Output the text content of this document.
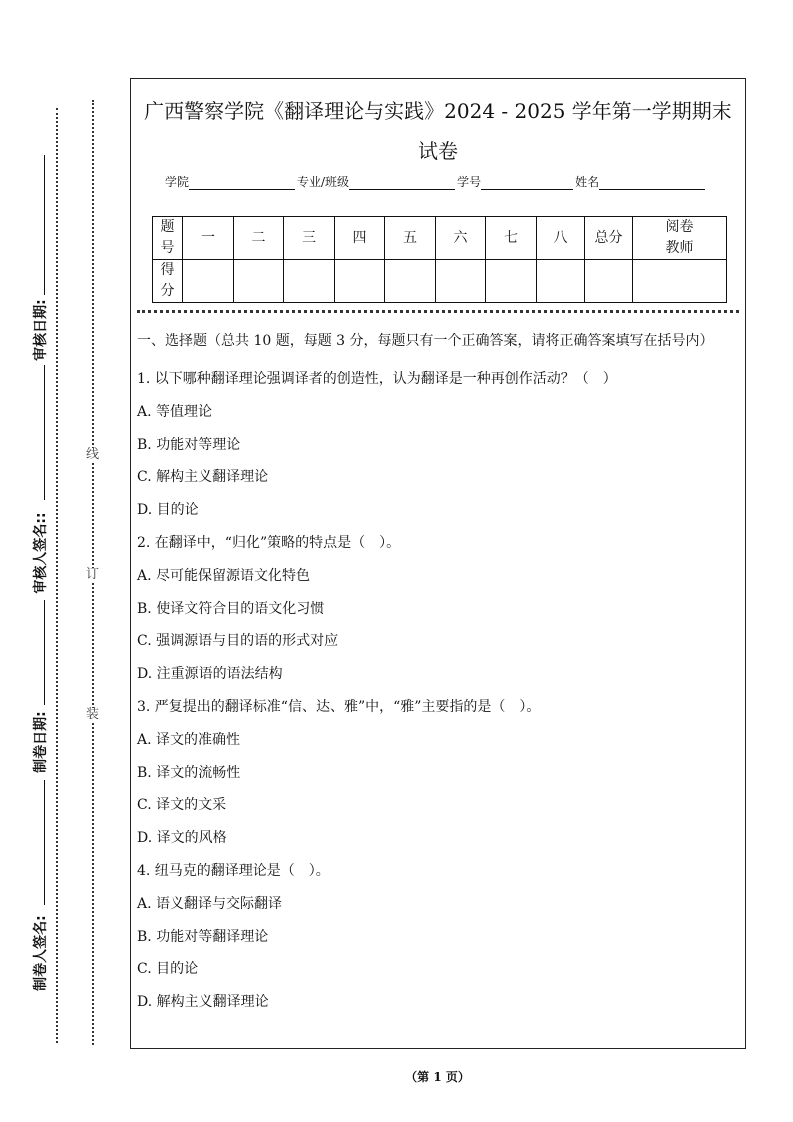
审核日期:
审核人签名::
制卷日期:
制卷人签名:
线
订
装
广西警察学院《翻译理论与实践》2024 - 2025 学年第一学期期末
试卷
学院	专业/班级	学号	姓名
题号	一	二	三	四	五	六	七	八	总分	阅卷教师
得分										
一、选择题（总共 10 题，每题 3 分，每题只有一个正确答案，请将正确答案填写在括号内）
1. 以下哪种翻译理论强调译者的创造性，认为翻译是一种再创作活动？（　）
A. 等值理论
B. 功能对等理论
C. 解构主义翻译理论
D. 目的论
2. 在翻译中，“归化”策略的特点是（　）。
A. 尽可能保留源语文化特色
B. 使译文符合目的语文化习惯
C. 强调源语与目的语的形式对应
D. 注重源语的语法结构
3. 严复提出的翻译标准“信、达、雅”中，“雅”主要指的是（　）。
A. 译文的准确性
B. 译文的流畅性
C. 译文的文采
D. 译文的风格
4. 纽马克的翻译理论是（　）。
A. 语义翻译与交际翻译
B. 功能对等翻译理论
C. 目的论
D. 解构主义翻译理论
（第 1 页）
